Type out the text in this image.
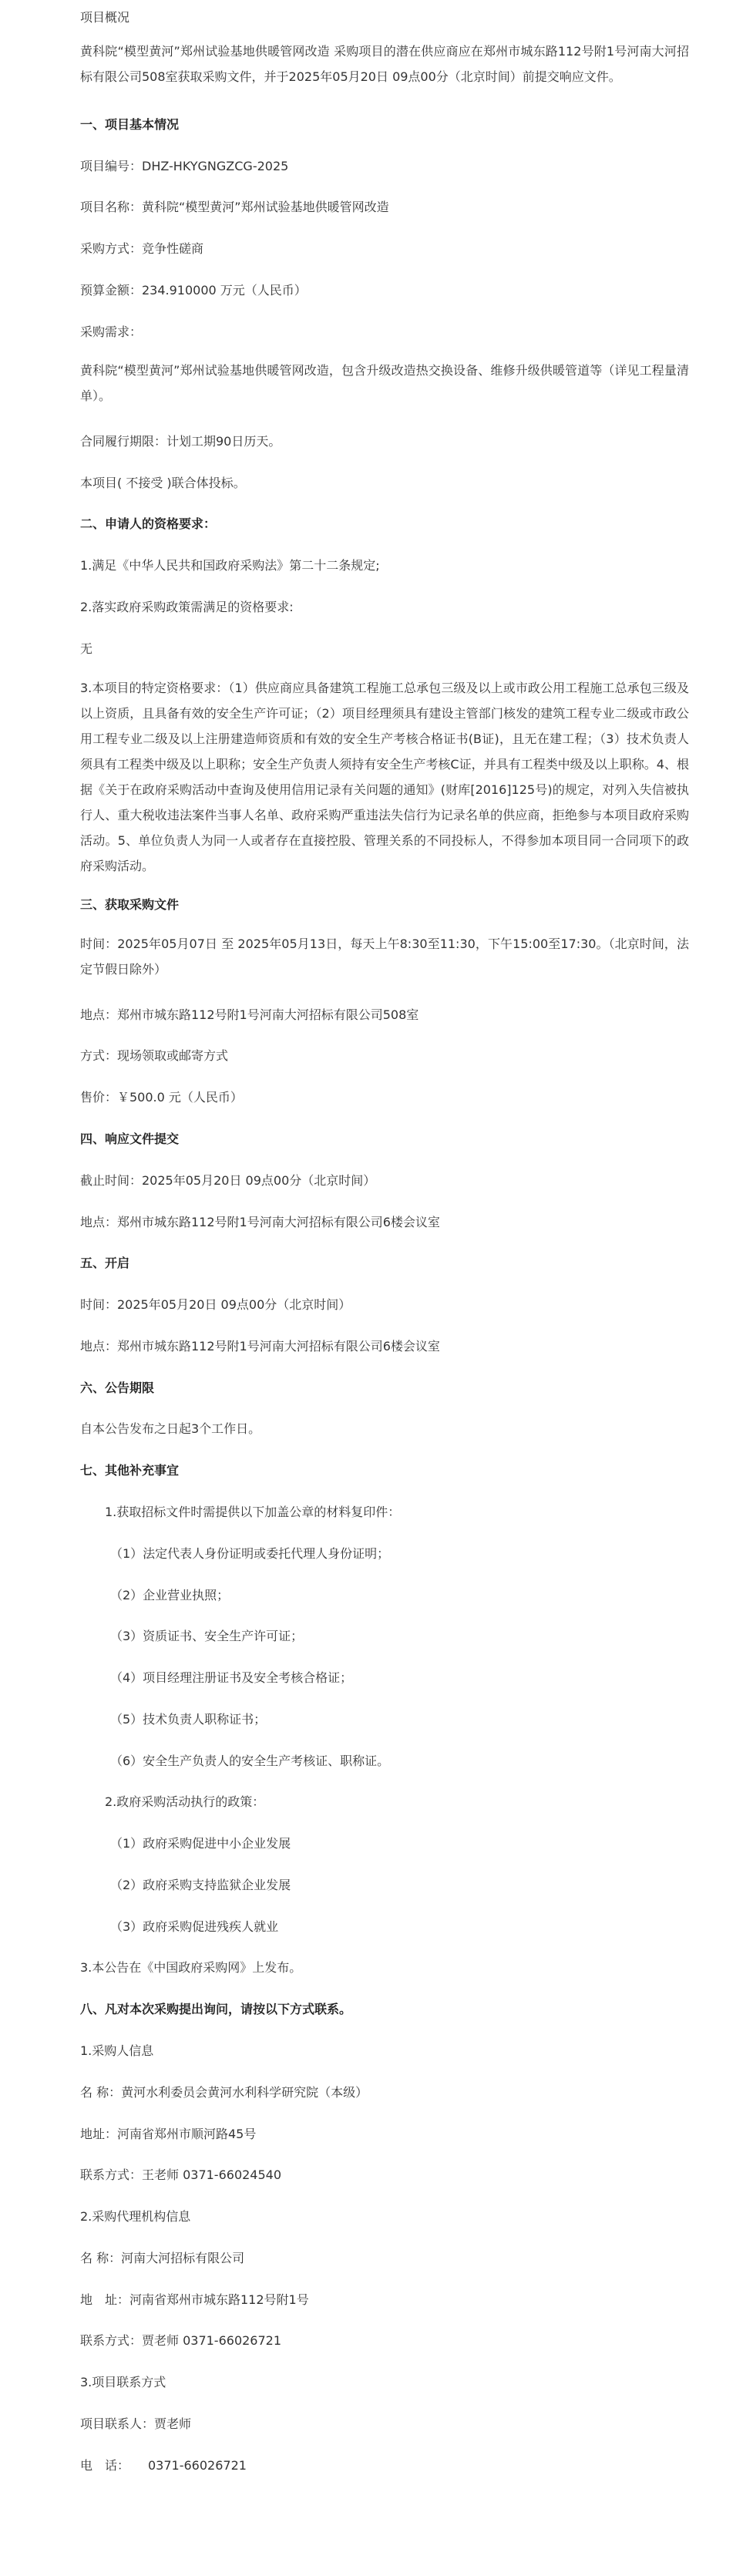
项目概况
黄科院“模型黄河”郑州试验基地供暖管网改造 采购项目的潜在供应商应在郑州市城东路112号附1号河南大河招标有限公司508室获取采购文件，并于2025年05月20日 09点00分（北京时间）前提交响应文件。
一、项目基本情况
项目编号：DHZ-HKYGNGZCG-2025
项目名称：黄科院“模型黄河”郑州试验基地供暖管网改造
采购方式：竞争性磋商
预算金额：234.910000 万元（人民币）
采购需求：
黄科院“模型黄河”郑州试验基地供暖管网改造，包含升级改造热交换设备、维修升级供暖管道等（详见工程量清单）。
合同履行期限：计划工期90日历天。
本项目( 不接受 )联合体投标。
二、申请人的资格要求：
1.满足《中华人民共和国政府采购法》第二十二条规定;
2.落实政府采购政策需满足的资格要求:
无
3.本项目的特定资格要求：（1）供应商应具备建筑工程施工总承包三级及以上或市政公用工程施工总承包三级及以上资质，且具备有效的安全生产许可证；（2）项目经理须具有建设主管部门核发的建筑工程专业二级或市政公用工程专业二级及以上注册建造师资质和有效的安全生产考核合格证书(B证)，且无在建工程；（3）技术负责人须具有工程类中级及以上职称；安全生产负责人须持有安全生产考核C证，并具有工程类中级及以上职称。4、根据《关于在政府采购活动中查询及使用信用记录有关问题的通知》(财库[2016]125号)的规定，对列入失信被执行人、重大税收违法案件当事人名单、政府采购严重违法失信行为记录名单的供应商，拒绝参与本项目政府采购活动。5、单位负责人为同一人或者存在直接控股、管理关系的不同投标人，不得参加本项目同一合同项下的政府采购活动。
三、获取采购文件
时间：2025年05月07日 至 2025年05月13日，每天上午8:30至11:30，下午15:00至17:30。（北京时间，法定节假日除外）
地点：郑州市城东路112号附1号河南大河招标有限公司508室
方式：现场领取或邮寄方式
售价：￥500.0 元（人民币）
四、响应文件提交
截止时间：2025年05月20日 09点00分（北京时间）
地点：郑州市城东路112号附1号河南大河招标有限公司6楼会议室
五、开启
时间：2025年05月20日 09点00分（北京时间）
地点：郑州市城东路112号附1号河南大河招标有限公司6楼会议室
六、公告期限
自本公告发布之日起3个工作日。
七、其他补充事宜
1.获取招标文件时需提供以下加盖公章的材料复印件：
（1）法定代表人身份证明或委托代理人身份证明；
（2）企业营业执照；
（3）资质证书、安全生产许可证；
（4）项目经理注册证书及安全考核合格证；
（5）技术负责人职称证书；
（6）安全生产负责人的安全生产考核证、职称证。
2.政府采购活动执行的政策：
（1）政府采购促进中小企业发展
（2）政府采购支持监狱企业发展
（3）政府采购促进残疾人就业
3.本公告在《中国政府采购网》上发布。
八、凡对本次采购提出询问，请按以下方式联系。
1.采购人信息
名 称：黄河水利委员会黄河水利科学研究院（本级）
地址：河南省郑州市顺河路45号
联系方式：王老师 0371-66024540
2.采购代理机构信息
名 称：河南大河招标有限公司
地　址：河南省郑州市城东路112号附1号
联系方式：贾老师 0371-66026721
3.项目联系方式
项目联系人：贾老师
电　话：　　0371-66026721
